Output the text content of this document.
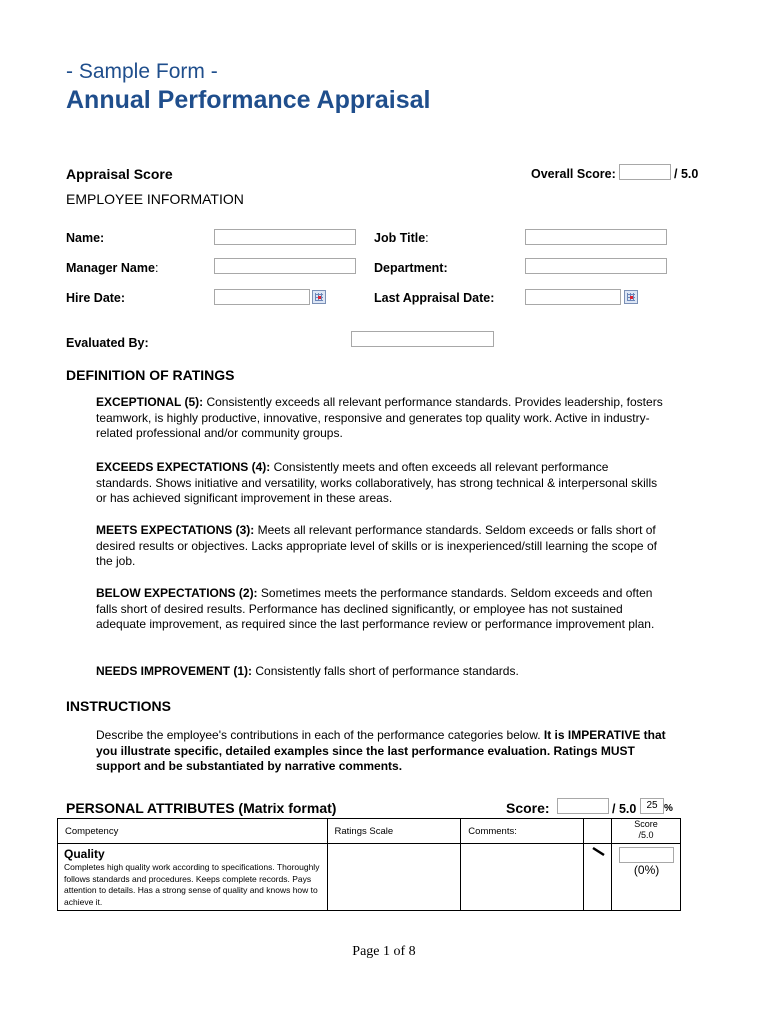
- Sample Form -
Annual Performance Appraisal
Appraisal Score	Overall Score:	/ 5.0
EMPLOYEE INFORMATION
Name:	Job Title:
Manager Name:	Department:
Hire Date:	Last Appraisal Date:
Evaluated By:
DEFINITION OF RATINGS
EXCEPTIONAL (5): Consistently exceeds all relevant performance standards. Provides leadership, fosters teamwork, is highly productive, innovative, responsive and generates top quality work. Active in industry-related professional and/or community groups.
EXCEEDS EXPECTATIONS (4): Consistently meets and often exceeds all relevant performance standards. Shows initiative and versatility, works collaboratively, has strong technical & interpersonal skills or has achieved significant improvement in these areas.
MEETS EXPECTATIONS (3): Meets all relevant performance standards. Seldom exceeds or falls short of desired results or objectives. Lacks appropriate level of skills or is inexperienced/still learning the scope of the job.
BELOW EXPECTATIONS (2): Sometimes meets the performance standards. Seldom exceeds and often falls short of desired results. Performance has declined significantly, or employee has not sustained adequate improvement, as required since the last performance review or performance improvement plan.
NEEDS IMPROVEMENT (1): Consistently falls short of performance standards.
INSTRUCTIONS
Describe the employee's contributions in each of the performance categories below. It is IMPERATIVE that you illustrate specific, detailed examples since the last performance evaluation. Ratings MUST support and be substantiated by narrative comments.
PERSONAL ATTRIBUTES (Matrix format)	Score:	/ 5.0	25 %
Competency	Ratings Scale	Comments:		Score
/5.0

Quality
Completes high quality work according to specifications. Thoroughly follows standards and procedures. Keeps complete records. Pays attention to details. Has a strong sense of quality and knows how to achieve it.				(0%)
Page 1 of 8
